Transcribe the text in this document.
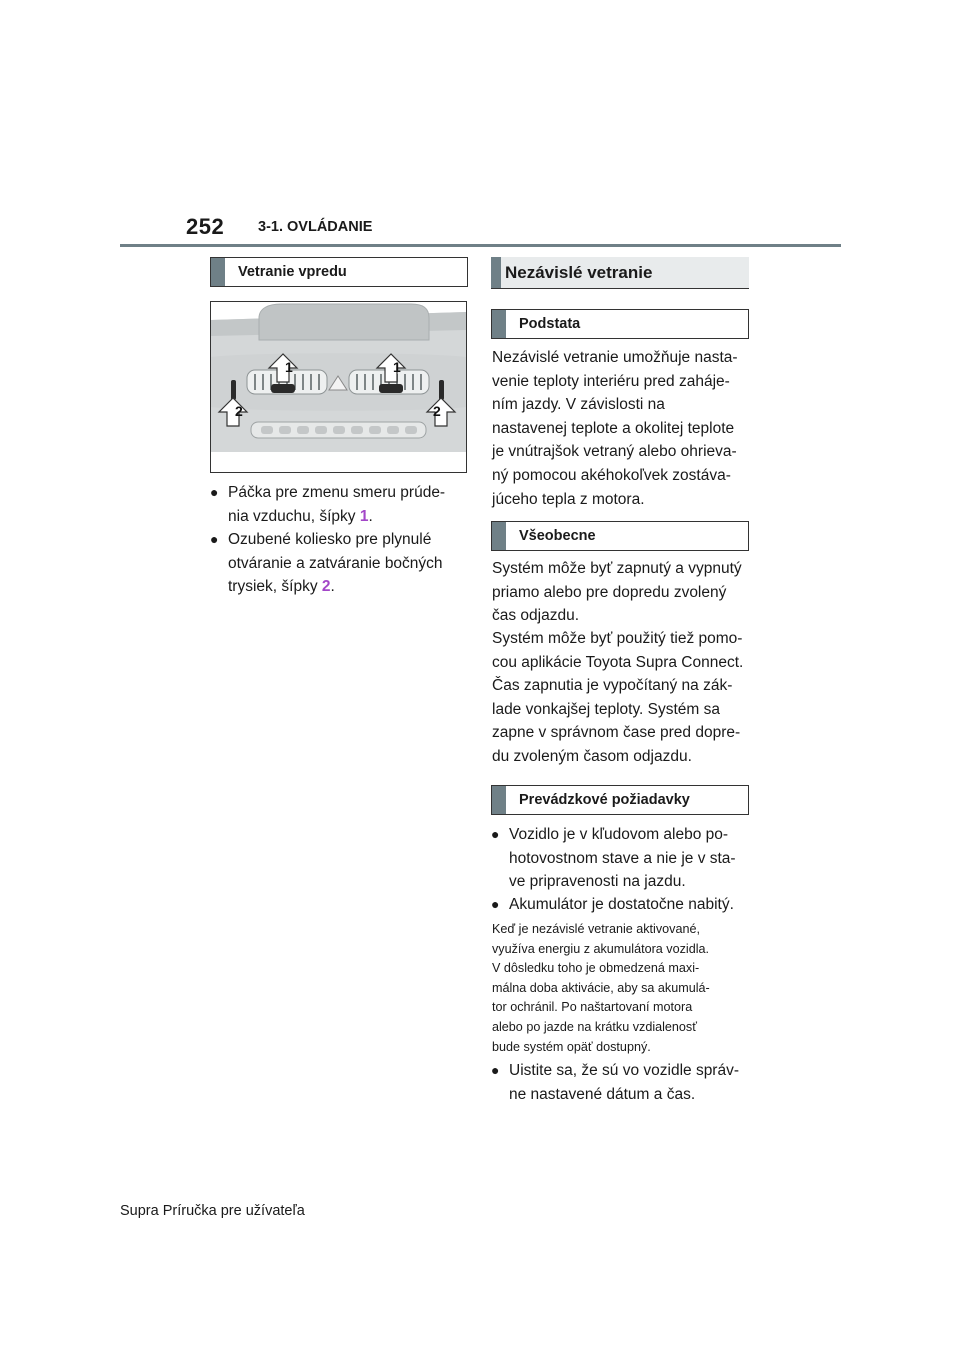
252 3-1. OVLÁDANIE
Vetranie vpredu
1	1
2	2
● Páčka pre zmenu smeru prúde-
nia vzduchu, šípky 1.
● Ozubené koliesko pre plynulé
otváranie a zatváranie bočných
trysiek, šípky 2.
Nezávislé vetranie
Podstata
Nezávislé vetranie umožňuje nasta-
venie teploty interiéru pred zahájе-
ním jazdy. V závislosti na
nastavenej teplote a okolitej teplote
je vnútrajšok vetraný alebo ohrieva-
ný pomocou akéhokoľvek zostáva-
júceho tepla z motora.
Všeobecne
Systém môže byť zapnutý a vypnutý
priamo alebo pre dopredu zvolený
čas odjazdu.
Systém môže byť použitý tiež pomo-
cou aplikácie Toyota Supra Connect.
Čas zapnutia je vypočítaný na zák-
lade vonkajšej teploty. Systém sa
zapne v správnom čase pred dopre-
du zvoleným časom odjazdu.
Prevádzkové požiadavky
● Vozidlo je v kľudovom alebo po-
hotovostnom stave a nie je v sta-
ve pripravenosti na jazdu.
● Akumulátor je dostatočne nabitý.
Keď je nezávislé vetranie aktivované,
využíva energiu z akumulátora vozidla.
V dôsledku toho je obmedzená maxi-
málna doba aktivácie, aby sa akumulá-
tor ochránil. Po naštartovaní motora
alebo po jazde na krátku vzdialenosť
bude systém opäť dostupný.
● Uistite sa, že sú vo vozidle správ-
ne nastavené dátum a čas.
Supra Príručka pre užívateľa
